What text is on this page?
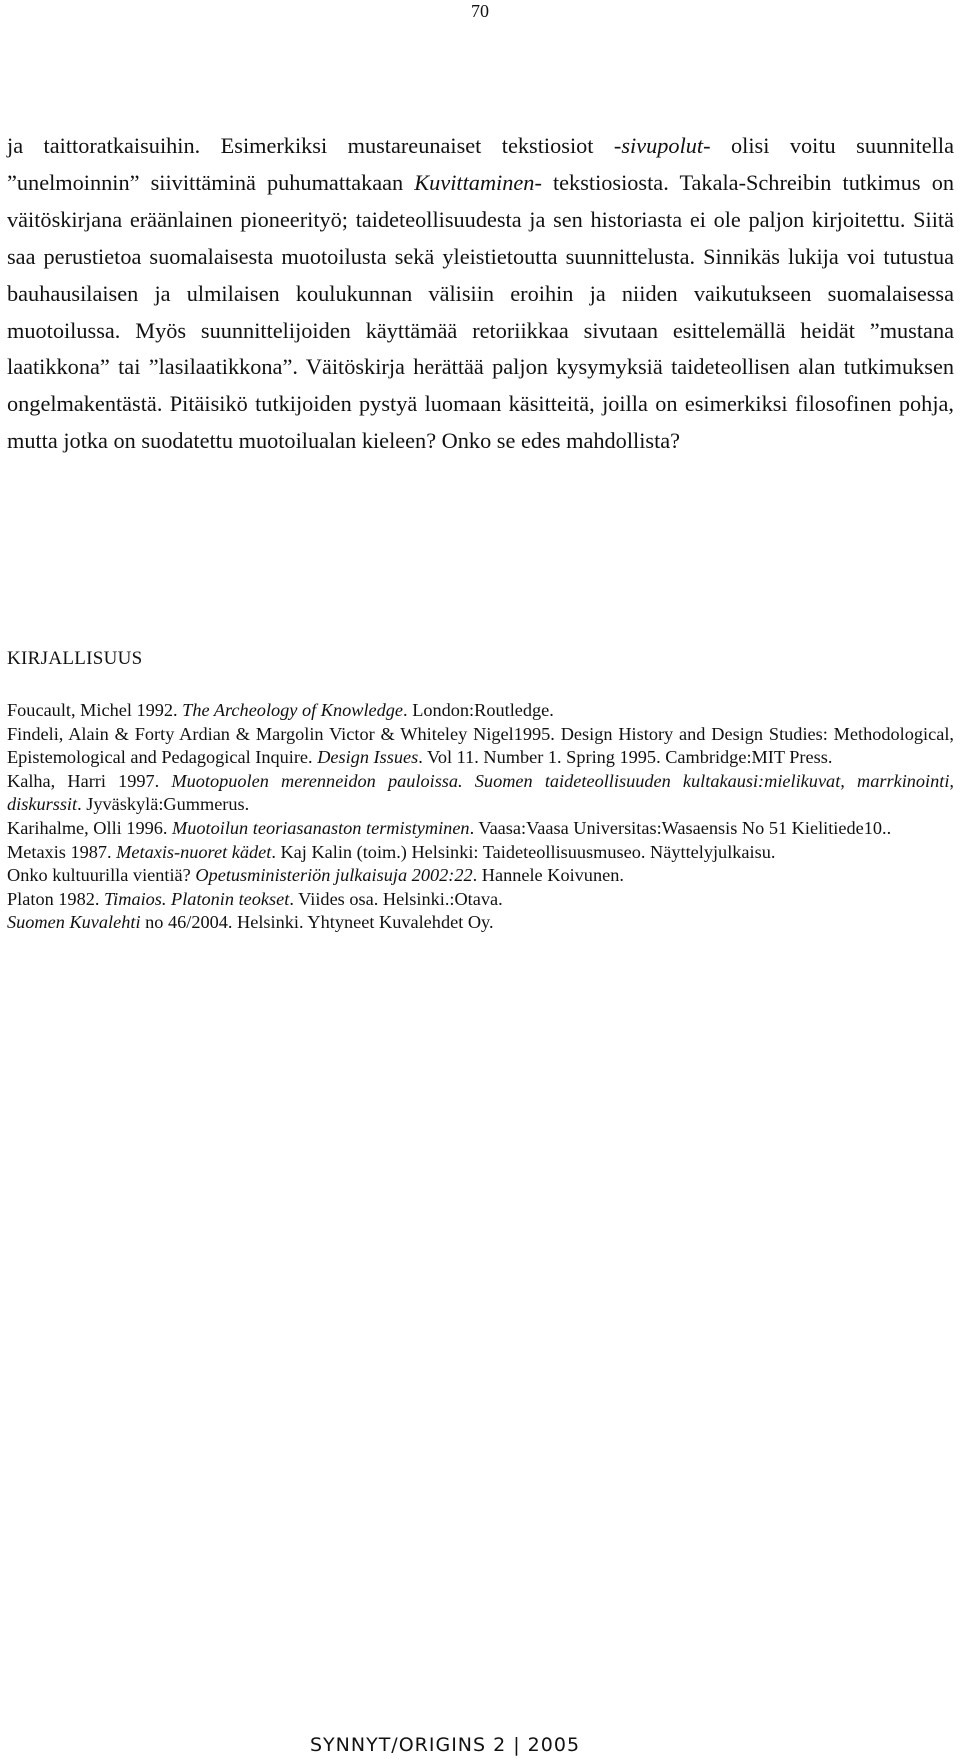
70

ja taittoratkaisuihin. Esimerkiksi mustareunaiset tekstiosiot -sivupolut- olisi voitu suunnitella ”unelmoinnin” siivittäminä puhumattakaan Kuvittaminen- tekstiosiosta. Takala-Schreibin tutkimus on väitöskirjana eräänlainen pioneerityö; taideteollisuudesta ja sen historiasta ei ole paljon kirjoitettu. Siitä saa perustietoa suomalaisesta muotoilusta sekä yleistietoutta suunnittelusta. Sinnikäs lukija voi tutustua bauhausilaisen ja ulmilaisen koulukunnan välisiin eroihin ja niiden vaikutukseen suomalaisessa muotoilussa. Myös suunnittelijoiden käyttämää retoriikkaa sivutaan esittelemällä heidät ”mustana laatikkona” tai ”lasilaatikkona”. Väitöskirja herättää paljon kysymyksiä taideteollisen alan tutkimuksen ongelmakentästä. Pitäisikö tutkijoiden pystyä luomaan käsitteitä, joilla on esimerkiksi filosofinen pohja, mutta jotka on suodatettu muotoilualan kieleen? Onko se edes mahdollista?

KIRJALLISUUS
Foucault, Michel 1992. The Archeology of Knowledge. London:Routledge.
Findeli, Alain & Forty Ardian & Margolin Victor & Whiteley Nigel1995. Design History and Design Studies: Methodological, Epistemological and Pedagogical Inquire. Design Issues. Vol 11. Number 1. Spring 1995. Cambridge:MIT Press.
Kalha, Harri 1997. Muotopuolen merenneidon pauloissa. Suomen taideteollisuuden kultakausi:mielikuvat, marrkinointi, diskurssit. Jyväskylä:Gummerus.
Karihalme, Olli 1996. Muotoilun teoriasanaston termistyminen. Vaasa:Vaasa Universitas:Wasaensis No 51 Kielitiede10..
Metaxis 1987. Metaxis-nuoret kädet. Kaj Kalin (toim.) Helsinki: Taideteollisuusmuseo. Näyttelyjulkaisu.
Onko kultuurilla vientiä? Opetusministeriön julkaisuja 2002:22. Hannele Koivunen.
Platon 1982. Timaios. Platonin teokset. Viides osa. Helsinki.:Otava.
Suomen Kuvalehti no 46/2004. Helsinki. Yhtyneet Kuvalehdet Oy.
SYNNYT/ORIGINS 2 | 2005
